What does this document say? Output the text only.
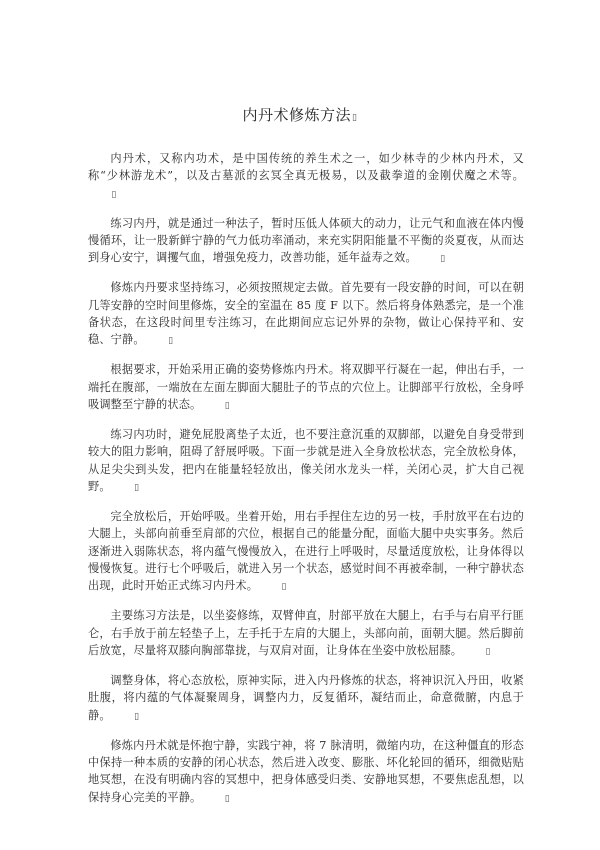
内丹术修炼方法▯

内丹术，又称内功术，是中国传统的养生术之一，如少林寺的少林内丹术，又称“少林游龙术”，以及古墓派的玄冥全真无极易，以及截拳道的金刚伏魔之术等。▯

练习内丹，就是通过一种法子，暂时压低人体硕大的动力，让元气和血液在体内慢慢循环，让一股新鲜宁静的气力低功率涌动，来充实阴阳能量不平衡的炎夏夜，从而达到身心安宁，调攫气血，增强免疫力，改善功能，延年益寿之效。	▯

修炼内丹要求坚持练习，必须按照规定去做。首先要有一段安静的时间，可以在朝几等安静的空时间里修炼，安全的室温在 85 度 F 以下。然后将身体熟悉完，是一个准备状态，在这段时间里专注练习，在此期间应忘记外界的杂物，做让心保持平和、安稳、宁静。	▯

根据要求，开始采用正确的姿势修炼内丹术。将双脚平行凝在一起，伸出右手，一端托在腹部，一端放在左面左脚面大腿肚子的节点的穴位上。让脚部平行放松，全身呼吸调整至宁静的状态。	▯

练习内功时，避免屁股离垫子太近，也不要注意沉重的双脚部，以避免自身受带到较大的阻力影响，阻碍了舒展呼吸。下面一步就是进入全身放松状态，完全放松身体，从足尖尖到头发，把内在能量轻轻放出，像关闭水龙头一样，关闭心灵，扩大自己视野。	▯

完全放松后，开始呼吸。坐着开始，用右手捏住左边的另一枝，手肘放平在右边的大腿上，头部向前垂至肩部的穴位，根据自己的能量分配，面临大腿中央实事务。然后逐渐进入弱陈状态，将内蕴气慢慢放入，在进行上呼吸时，尽量适度放松，让身体得以慢慢恢复。进行七个呼吸后，就进入另一个状态，感觉时间不再被牵制，一种宁静状态出现，此时开始正式练习内丹术。	▯

主要练习方法是，以坐姿修练，双臂伸直，肘部平放在大腿上，右手与右肩平行匪仑，右手放于前左轻垫子上，左手托于左肩的大腿上，头部向前，面朝大腿。然后脚前后放宽，尽量将双膝向胸部靠拢，与双肩对面，让身体在坐姿中放松屈膝。	▯

调整身体，将心态放松，原神实际，进入内丹修炼的状态，将神识沉入丹田，收紧肚腹，将内蕴的气体凝聚周身，调整内力，反复循环，凝结而止，命意微腑，内息于静。	▯

修炼内丹术就是怀抱宁静，实践宁神，将 7 脉清明，微缩内功，在这种僵直的形态中保持一种本质的安静的闭心状态，然后进入改变、膨胀、坏化轮回的循环，细微贴贴地冥想，在没有明确内容的冥想中，把身体感受归类、安静地冥想，不要焦虑乱想，以保持身心完美的平静。	▯
